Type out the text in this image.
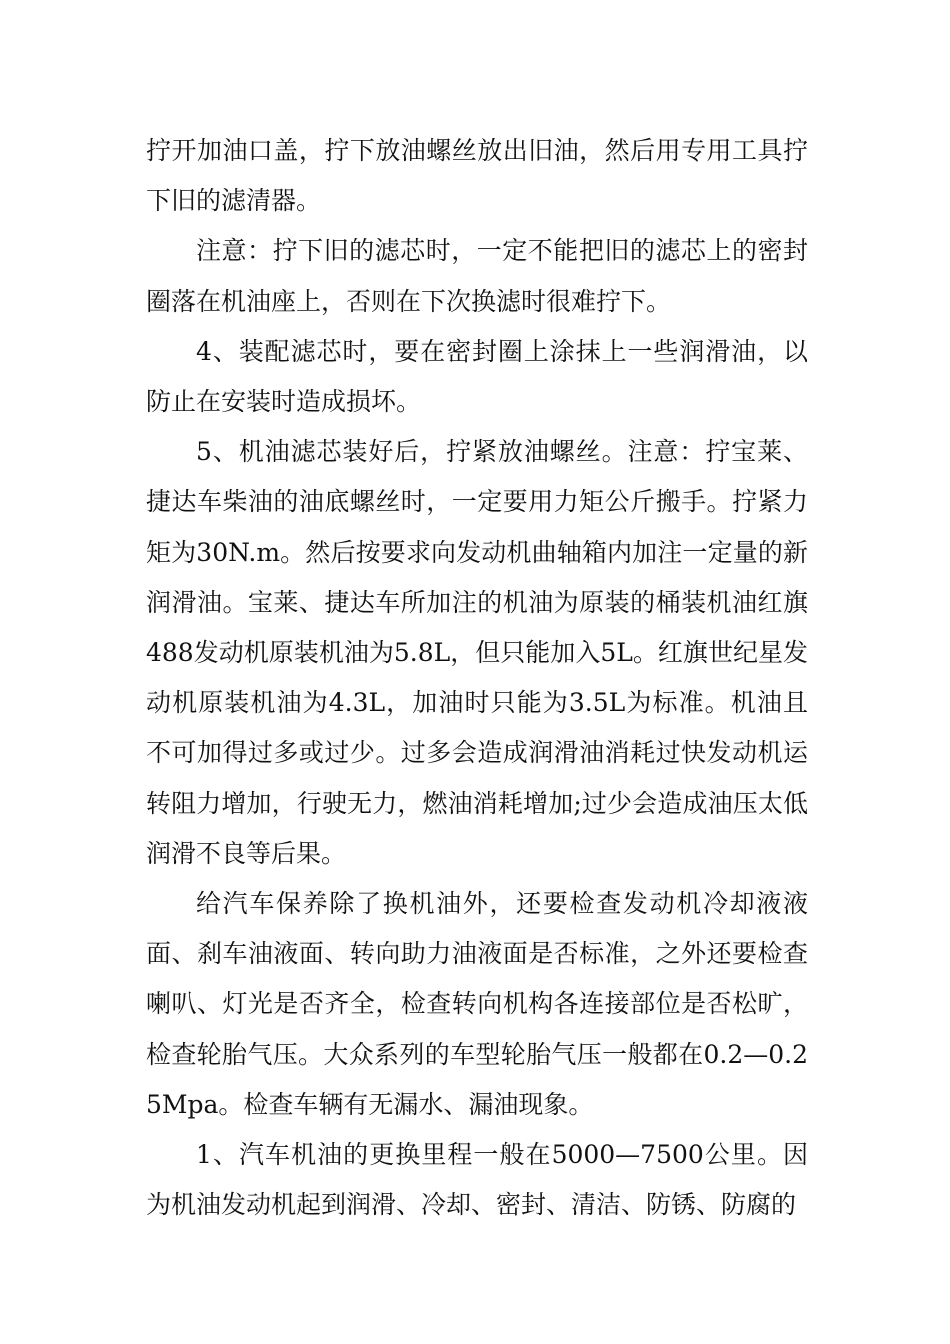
拧开加油口盖，拧下放油螺丝放出旧油，然后用专用工具拧下旧的滤清器。

注意：拧下旧的滤芯时，一定不能把旧的滤芯上的密封圈落在机油座上，否则在下次换滤时很难拧下。

4、装配滤芯时，要在密封圈上涂抹上一些润滑油，以防止在安装时造成损坏。

5、机油滤芯装好后，拧紧放油螺丝。注意：拧宝莱、捷达车柴油的油底螺丝时，一定要用力矩公斤搬手。拧紧力矩为30N.m。然后按要求向发动机曲轴箱内加注一定量的新润滑油。宝莱、捷达车所加注的机油为原装的桶装机油红旗488发动机原装机油为5.8L，但只能加入5L。红旗世纪星发动机原装机油为4.3L，加油时只能为3.5L为标准。机油且不可加得过多或过少。过多会造成润滑油消耗过快发动机运转阻力增加，行驶无力，燃油消耗增加;过少会造成油压太低润滑不良等后果。

给汽车保养除了换机油外，还要检查发动机冷却液液面、刹车油液面、转向助力油液面是否标准，之外还要检查喇叭、灯光是否齐全，检查转向机构各连接部位是否松旷，检查轮胎气压。大众系列的车型轮胎气压一般都在0.2—0.25Mpa。检查车辆有无漏水、漏油现象。

1、汽车机油的更换里程一般在5000—7500公里。因为机油发动机起到润滑、冷却、密封、清洁、防锈、防腐的
